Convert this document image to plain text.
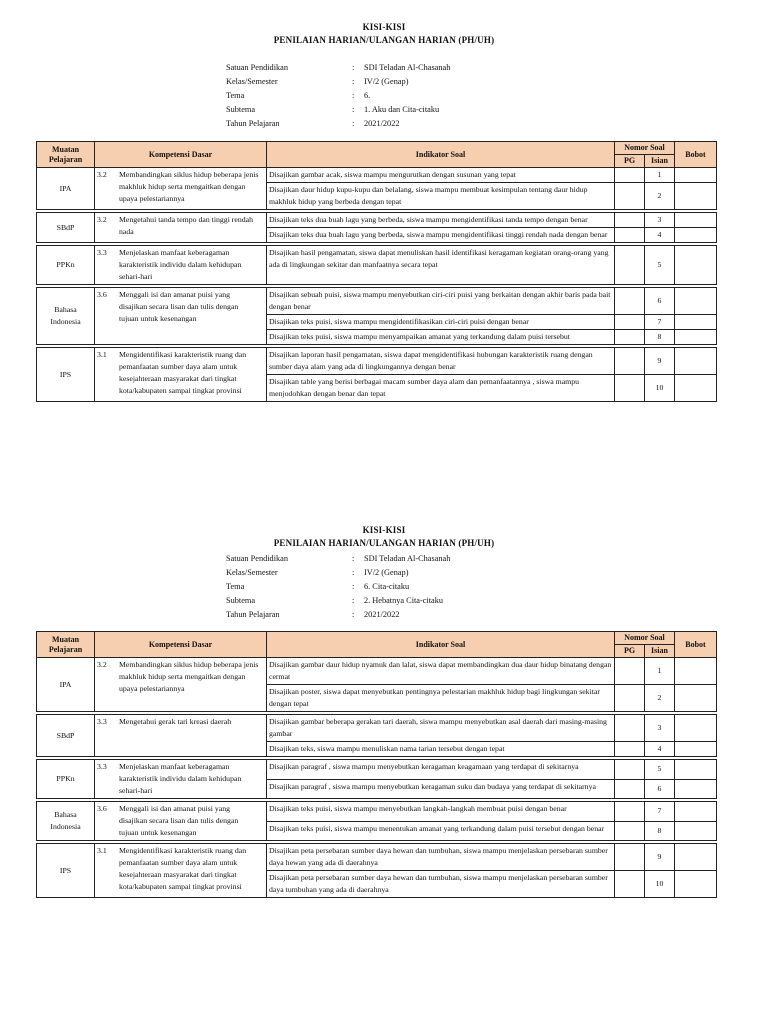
KISI-KISI
PENILAIAN HARIAN/ULANGAN HARIAN (PH/UH)
Satuan Pendidikan	: SDI Teladan Al-Chasanah
Kelas/Semester	: IV/2 (Genap)
Tema	: 6.
Subtema	: 1. Aku dan Cita-citaku
Tahun Pelajaran	: 2021/2022
Muatan Pelajaran	Kompetensi Dasar	Indikator Soal	Nomor Soal		Bobot
			PG	Isian	
IPA	3.2 Membandingkan siklus hidup beberapa jenis makhluk hidup serta mengaitkan dengan upaya pelestariannya	Disajikan gambar acak, siswa mampu mengurutkan dengan susunan yang tepat		1	
		Disajikan daur hidup kupu-kupu dan belalang, siswa mampu membuat kesimpulan tentang daur hidup makhluk hidup yang berbeda dengan tepat		2	

SBdP	3.2 Mengetahui tanda tempo dan tinggi rendah nada	Disajikan teks dua buah lagu yang berbeda, siswa mampu mengidentifikasi tanda tempo dengan benar		3	
		Disajikan teks dua buah lagu yang berbeda, siswa mampu mengidentifikasi tinggi rendah nada dengan benar		4	

PPKn	3.3 Menjelaskan manfaat keberagaman karakteristik individu dalam kehidupan sehari-hari	Disajikan hasil pengamatan, siswa dapat menuliskan hasil identifikasi keragaman kegiatan orang-orang yang ada di lingkungan sekitar dan manfaatnya secara tepat		5	

Bahasa Indonesia	3.6 Menggali isi dan amanat puisi yang disajikan secara lisan dan tulis dengan tujuan untuk kesenangan	Disajikan sebuah puisi, siswa mampu menyebutkan ciri-ciri puisi yang berkaitan dengan akhir baris pada bait dengan benar		6	
		Disajikan teks puisi, siswa mampu mengidentifikasikan ciri-ciri puisi dengan benar		7	
		Disajikan teks puisi, siswa mampu menyampaikan amanat yang terkandung dalam puisi tersebut		8	

IPS	3.1 Mengidentifikasi karakteristik ruang dan pemanfaatan sumber daya alam untuk kesejahteraan masyarakat dari tingkat kota/kabupaten sampai tingkat provinsi	Disajikan laporan hasil pengamatan, siswa dapat mengidentifikasi hubungan karakteristik ruang dengan sumber daya alam yang ada di lingkungannya dengan benar		9	
		Disajikan table yang berisi berbagai macam sumber daya alam dan pemanfaatannya , siswa mampu menjodohkan dengan benar dan tepat		10	
KISI-KISI
PENILAIAN HARIAN/ULANGAN HARIAN (PH/UH)
Satuan Pendidikan	: SDI Teladan Al-Chasanah
Kelas/Semester	: IV/2 (Genap)
Tema	: 6. Cita-citaku
Subtema	: 2. Hebatnya Cita-citaku
Tahun Pelajaran	: 2021/2022
Muatan Pelajaran	Kompetensi Dasar	Indikator Soal	Nomor Soal		Bobot
			PG	Isian	
IPA	3.2 Membandingkan siklus hidup beberapa jenis makhluk hidup serta mengaitkan dengan upaya pelestariannya	Disajikan gambar daur hidup nyamuk dan lalat, siswa dapat membandingkan dua daur hidup binatang dengan cermat		1	
		Disajikan poster, siswa dapat menyebutkan pentingnya pelestarian makhluk hidup bagi lingkungan sekitar dengan tepat		2	

SBdP	3.3 Mengetahui gerak tari kreasi daerah	Disajikan gambar beberapa gerakan tari daerah, siswa mampu menyebutkan asal daerah dari masing-masing gambar		3	
		Disajikan teks, siswa mampu menuliskan nama tarian tersebut dengan tepat		4	

PPKn	3.3 Menjelaskan manfaat keberagaman karakteristik individu dalam kehidupan sehari-hari	Disajikan paragraf , siswa mampu menyebutkan keragaman keagamaan yang terdapat di sekitarnya		5	
		Disajikan paragraf , siswa mampu menyebutkan keragaman suku dan budaya yang terdapat di sekitarnya		6	

Bahasa Indonesia	3.6 Menggali isi dan amanat puisi yang disajikan secara lisan dan tulis dengan tujuan untuk kesenangan	Disajikan teks puisi, siswa mampu menyebutkan langkah-langkah membuat puisi dengan benar		7	
		Disajikan teks puisi, siswa mampu menentukan amanat yang terkandung dalam puisi tersebut dengan benar		8	

IPS	3.1 Mengidentifikasi karakteristik ruang dan pemanfaatan sumber daya alam untuk kesejahteraan masyarakat dari tingkat kota/kabupaten sampai tingkat provinsi	Disajikan peta persebaran sumber daya hewan dan tumbuhan, siswa mampu menjelaskan persebaran sumber daya hewan yang ada di daerahnya		9	
		Disajikan peta persebaran sumber daya hewan dan tumbuhan, siswa mampu menjelaskan persebaran sumber daya tumbuhan yang ada di daerahnya		10	
